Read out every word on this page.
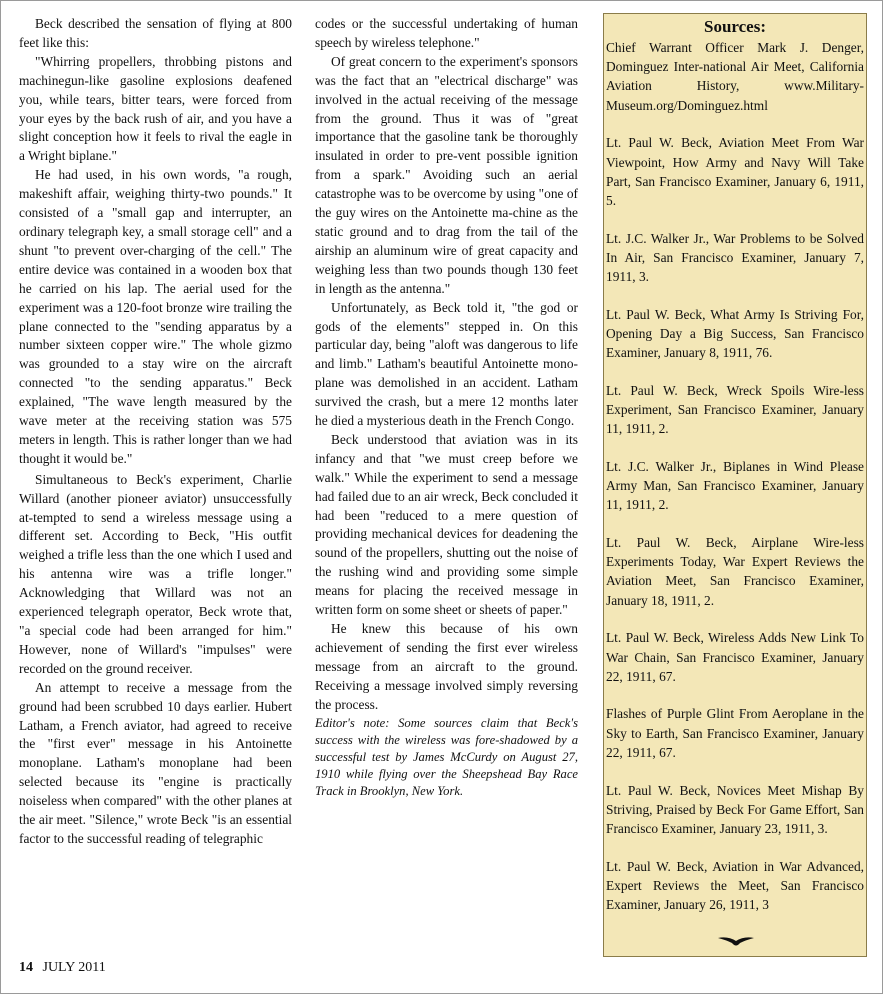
Beck described the sensation of flying at 800 feet like this:

"Whirring propellers, throbbing pistons and machinegun-like gasoline explosions deafened you, while tears, bitter tears, were forced from your eyes by the back rush of air, and you have a slight conception how it feels to rival the eagle in a Wright biplane."

He had used, in his own words, "a rough, makeshift affair, weighing thirty-two pounds." It consisted of a "small gap and interrupter, an ordinary telegraph key, a small storage cell" and a shunt "to prevent over-charging of the cell." The entire device was contained in a wooden box that he carried on his lap. The aerial used for the experiment was a 120-foot bronze wire trailing the plane connected to the "sending apparatus by a number sixteen copper wire." The whole gizmo was grounded to a stay wire on the aircraft connected "to the sending apparatus." Beck explained, "The wave length measured by the wave meter at the receiving station was 575 meters in length. This is rather longer than we had thought it would be."

Simultaneous to Beck's experiment, Charlie Willard (another pioneer aviator) unsuccessfully at-tempted to send a wireless message using a different set. According to Beck, "His outfit weighed a trifle less than the one which I used and his antenna wire was a trifle longer." Acknowledging that Willard was not an experienced telegraph operator, Beck wrote that, "a special code had been arranged for him." However, none of Willard's "impulses" were recorded on the ground receiver.

An attempt to receive a message from the ground had been scrubbed 10 days earlier. Hubert Latham, a French aviator, had agreed to receive the "first ever" message in his Antoinette monoplane. Latham's monoplane had been selected because its "engine is practically noiseless when compared" with the other planes at the air meet. "Silence," wrote Beck "is an essential factor to the successful reading of telegraphic

codes or the successful undertaking of human speech by wireless telephone."

Of great concern to the experiment's sponsors was the fact that an "electrical discharge" was involved in the actual receiving of the message from the ground. Thus it was of "great importance that the gasoline tank be thoroughly insulated in order to pre-vent possible ignition from a spark." Avoiding such an aerial catastrophe was to be overcome by using "one of the guy wires on the Antoinette ma-chine as the static ground and to drag from the tail of the airship an aluminum wire of great capacity and weighing less than two pounds though 130 feet in length as the antenna."

Unfortunately, as Beck told it, "the god or gods of the elements" stepped in. On this particular day, being "aloft was dangerous to life and limb." Latham's beautiful Antoinette mono-plane was demolished in an accident. Latham survived the crash, but a mere 12 months later he died a mysterious death in the French Congo.

Beck understood that aviation was in its infancy and that "we must creep before we walk." While the experiment to send a message had failed due to an air wreck, Beck concluded it had been "reduced to a mere question of providing mechanical devices for deadening the sound of the propellers, shutting out the noise of the rushing wind and providing some simple means for placing the received message in written form on some sheet or sheets of paper."

He knew this because of his own achievement of sending the first ever wireless message from an aircraft to the ground. Receiving a message involved simply reversing the process.

Editor's note: Some sources claim that Beck's success with the wireless was fore-shadowed by a successful test by James McCurdy on August 27, 1910 while flying over the Sheepshead Bay Race Track in Brooklyn, New York.

Sources:
Chief Warrant Officer Mark J. Denger, Dominguez Inter-national Air Meet, California Aviation History, www.Military-Museum.org/Dominguez.html
Lt. Paul W. Beck, Aviation Meet From War Viewpoint, How Army and Navy Will Take Part, San Francisco Examiner, January 6, 1911, 5.
Lt. J.C. Walker Jr., War Problems to be Solved In Air, San Francisco Examiner, January 7, 1911, 3.
Lt. Paul W. Beck, What Army Is Striving For, Opening Day a Big Success, San Francisco Examiner, January 8, 1911, 76.
Lt. Paul W. Beck, Wreck Spoils Wire-less Experiment, San Francisco Examiner, January 11, 1911, 2.
Lt. J.C. Walker Jr., Biplanes in Wind Please Army Man, San Francisco Examiner, January 11, 1911, 2.
Lt. Paul W. Beck, Airplane Wire-less Experiments Today, War Expert Reviews the Aviation Meet, San Francisco Examiner, January 18, 1911, 2.
Lt. Paul W. Beck, Wireless Adds New Link To War Chain, San Francisco Examiner, January 22, 1911, 67.
Flashes of Purple Glint From Aeroplane in the Sky to Earth, San Francisco Examiner, January 22, 1911, 67.
Lt. Paul W. Beck, Novices Meet Mishap By Striving, Praised by Beck For Game Effort, San Francisco Examiner, January 23, 1911, 3.
Lt. Paul W. Beck, Aviation in War Advanced, Expert Reviews the Meet, San Francisco Examiner, January 26, 1911, 3
14 JULY 2011
